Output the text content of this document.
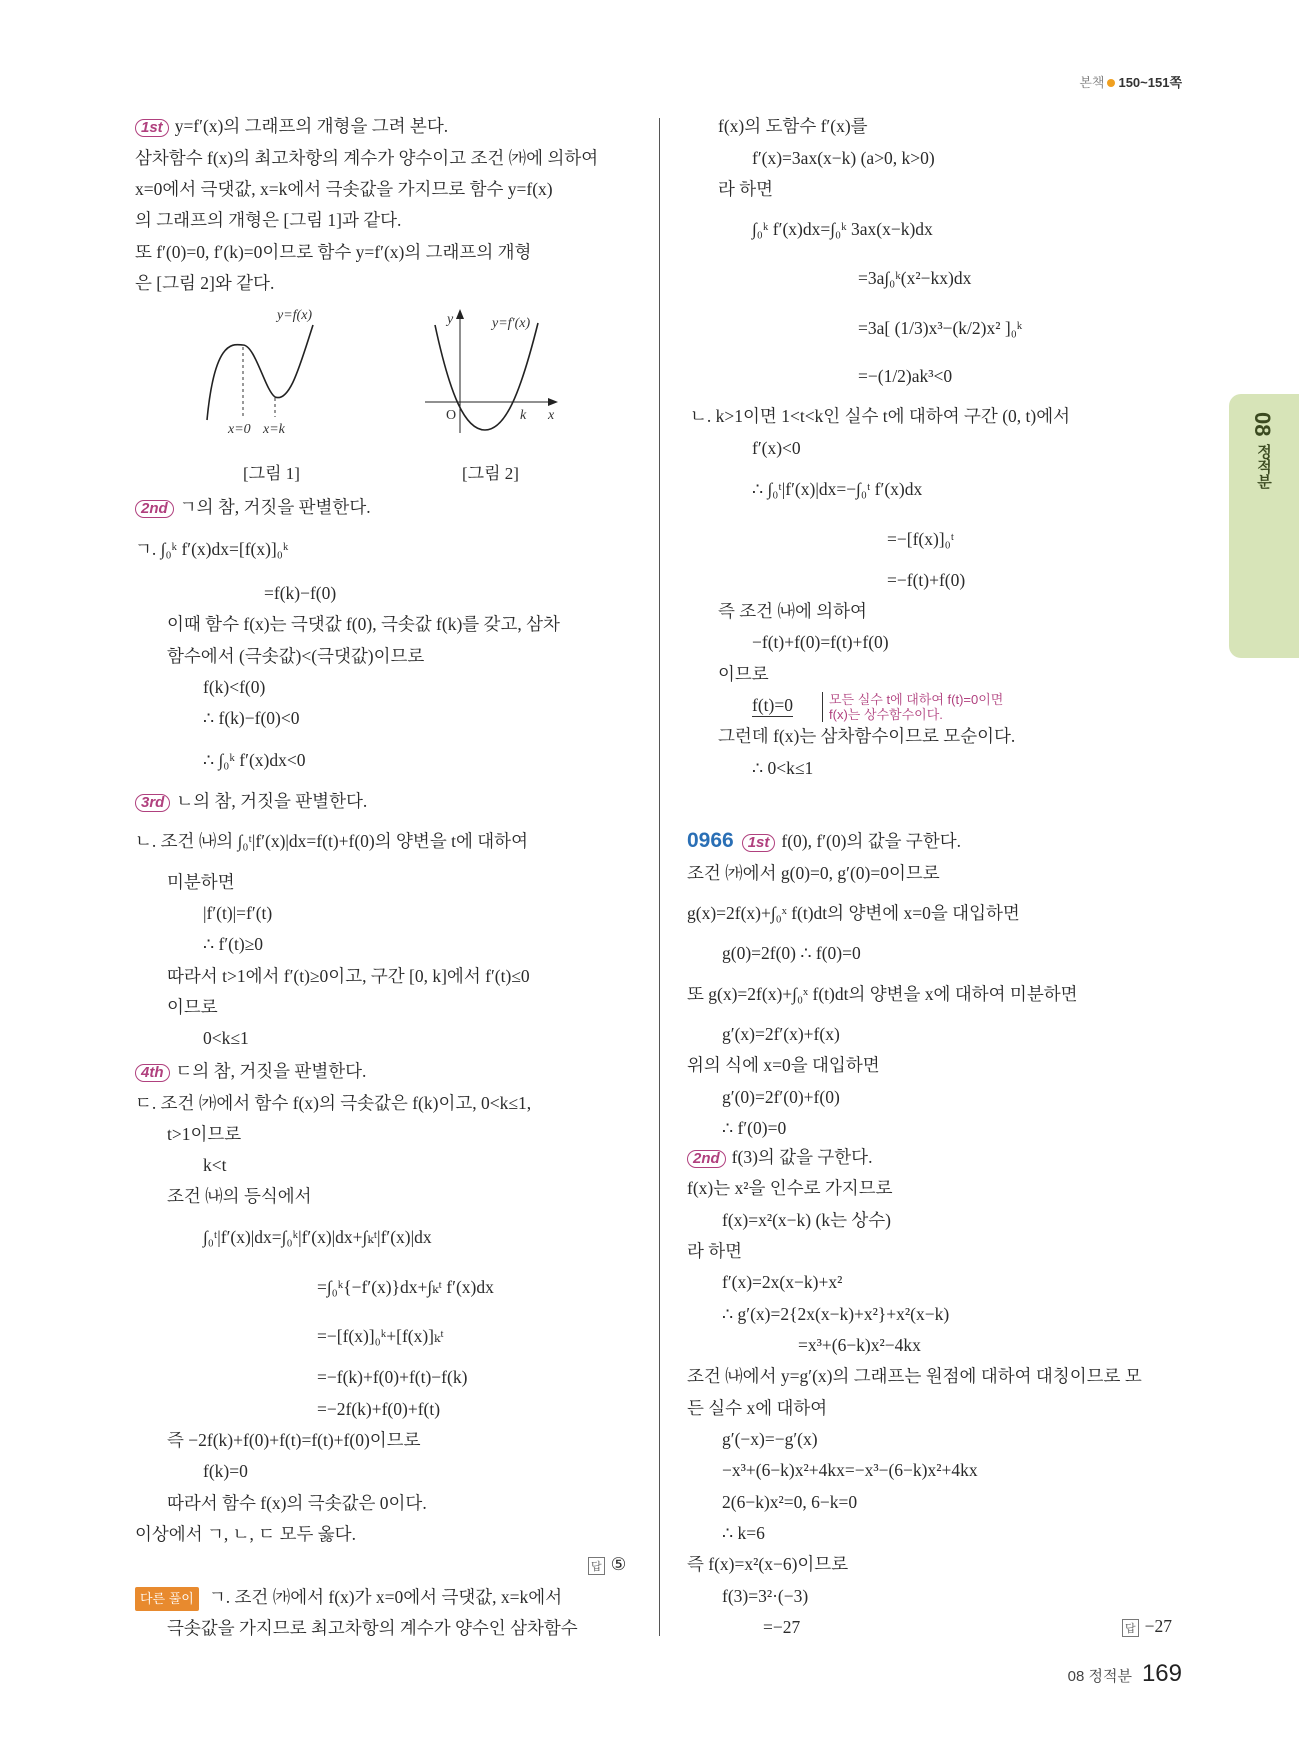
본책 150~151쪽
08
정적분
1st y=f′(x)의 그래프의 개형을 그려 본다.
삼차함수 f(x)의 최고차항의 계수가 양수이고 조건 ㈎에 의하여
x=0에서 극댓값, x=k에서 극솟값을 가지므로 함수 y=f(x)
의 그래프의 개형은 [그림 1]과 같다.
또 f′(0)=0, f′(k)=0이므로 함수 y=f′(x)의 그래프의 개형
은 [그림 2]와 같다.
y=f(x)
x=0 x=k
y	y=f′(x)
O	k x
[그림 1]	[그림 2]
2nd ㄱ의 참, 거짓을 판별한다.
ㄱ. ∫₀ᵏ f′(x)dx=[f(x)]₀ᵏ
=f(k)−f(0)
이때 함수 f(x)는 극댓값 f(0), 극솟값 f(k)를 갖고, 삼차
함수에서 (극솟값)<(극댓값)이므로
f(k)<f(0)
∴ f(k)−f(0)<0
∴ ∫₀ᵏ f′(x)dx<0
3rd ㄴ의 참, 거짓을 판별한다.
ㄴ. 조건 ㈏의 ∫₀ᵗ|f′(x)|dx=f(t)+f(0)의 양변을 t에 대하여
미분하면
|f′(t)|=f′(t)
∴ f′(t)≥0
따라서 t>1에서 f′(t)≥0이고, 구간 [0, k]에서 f′(t)≤0
이므로
0<k≤1
4th ㄷ의 참, 거짓을 판별한다.
ㄷ. 조건 ㈎에서 함수 f(x)의 극솟값은 f(k)이고, 0<k≤1,
t>1이므로
k<t
조건 ㈏의 등식에서
∫₀ᵗ|f′(x)|dx=∫₀ᵏ|f′(x)|dx+∫ₖᵗ|f′(x)|dx
=∫₀ᵏ{−f′(x)}dx+∫ₖᵗ f′(x)dx
=−[f(x)]₀ᵏ+[f(x)]ₖᵗ
=−f(k)+f(0)+f(t)−f(k)
=−2f(k)+f(0)+f(t)
즉 −2f(k)+f(0)+f(t)=f(t)+f(0)이므로
f(k)=0
따라서 함수 f(x)의 극솟값은 0이다.
이상에서 ㄱ, ㄴ, ㄷ 모두 옳다.
답 ⑤
다른 풀이 ㄱ. 조건 ㈎에서 f(x)가 x=0에서 극댓값, x=k에서
극솟값을 가지므로 최고차항의 계수가 양수인 삼차함수
f(x)의 도함수 f′(x)를
f′(x)=3ax(x−k) (a>0, k>0)
라 하면
∫₀ᵏ f′(x)dx=∫₀ᵏ 3ax(x−k)dx
=3a∫₀ᵏ(x²−kx)dx
=3a[ (1/3)x³−(k/2)x² ]₀ᵏ
=−(1/2)ak³<0
ㄴ. k>1이면 1<t<k인 실수 t에 대하여 구간 (0, t)에서
f′(x)<0
∴ ∫₀ᵗ|f′(x)|dx=−∫₀ᵗ f′(x)dx
=−[f(x)]₀ᵗ
=−f(t)+f(0)
즉 조건 ㈏에 의하여
−f(t)+f(0)=f(t)+f(0)
이므로
f(t)=0	모든 실수 t에 대하여 f(t)=0이면
f(x)는 상수함수이다.
그런데 f(x)는 삼차함수이므로 모순이다.
∴ 0<k≤1
0966 1st f(0), f′(0)의 값을 구한다.
조건 ㈎에서 g(0)=0, g′(0)=0이므로
g(x)=2f(x)+∫₀ˣ f(t)dt의 양변에 x=0을 대입하면
g(0)=2f(0) ∴ f(0)=0
또 g(x)=2f(x)+∫₀ˣ f(t)dt의 양변을 x에 대하여 미분하면
g′(x)=2f′(x)+f(x)
위의 식에 x=0을 대입하면
g′(0)=2f′(0)+f(0)
∴ f′(0)=0
2nd f(3)의 값을 구한다.
f(x)는 x²을 인수로 가지므로
f(x)=x²(x−k) (k는 상수)
라 하면
f′(x)=2x(x−k)+x²
∴ g′(x)=2{2x(x−k)+x²}+x²(x−k)
=x³+(6−k)x²−4kx
조건 ㈏에서 y=g′(x)의 그래프는 원점에 대하여 대칭이므로 모
든 실수 x에 대하여
g′(−x)=−g′(x)
−x³+(6−k)x²+4kx=−x³−(6−k)x²+4kx
2(6−k)x²=0, 6−k=0
∴ k=6
즉 f(x)=x²(x−6)이므로
f(3)=3²·(−3)
=−27	답 −27
08 정적분 169
